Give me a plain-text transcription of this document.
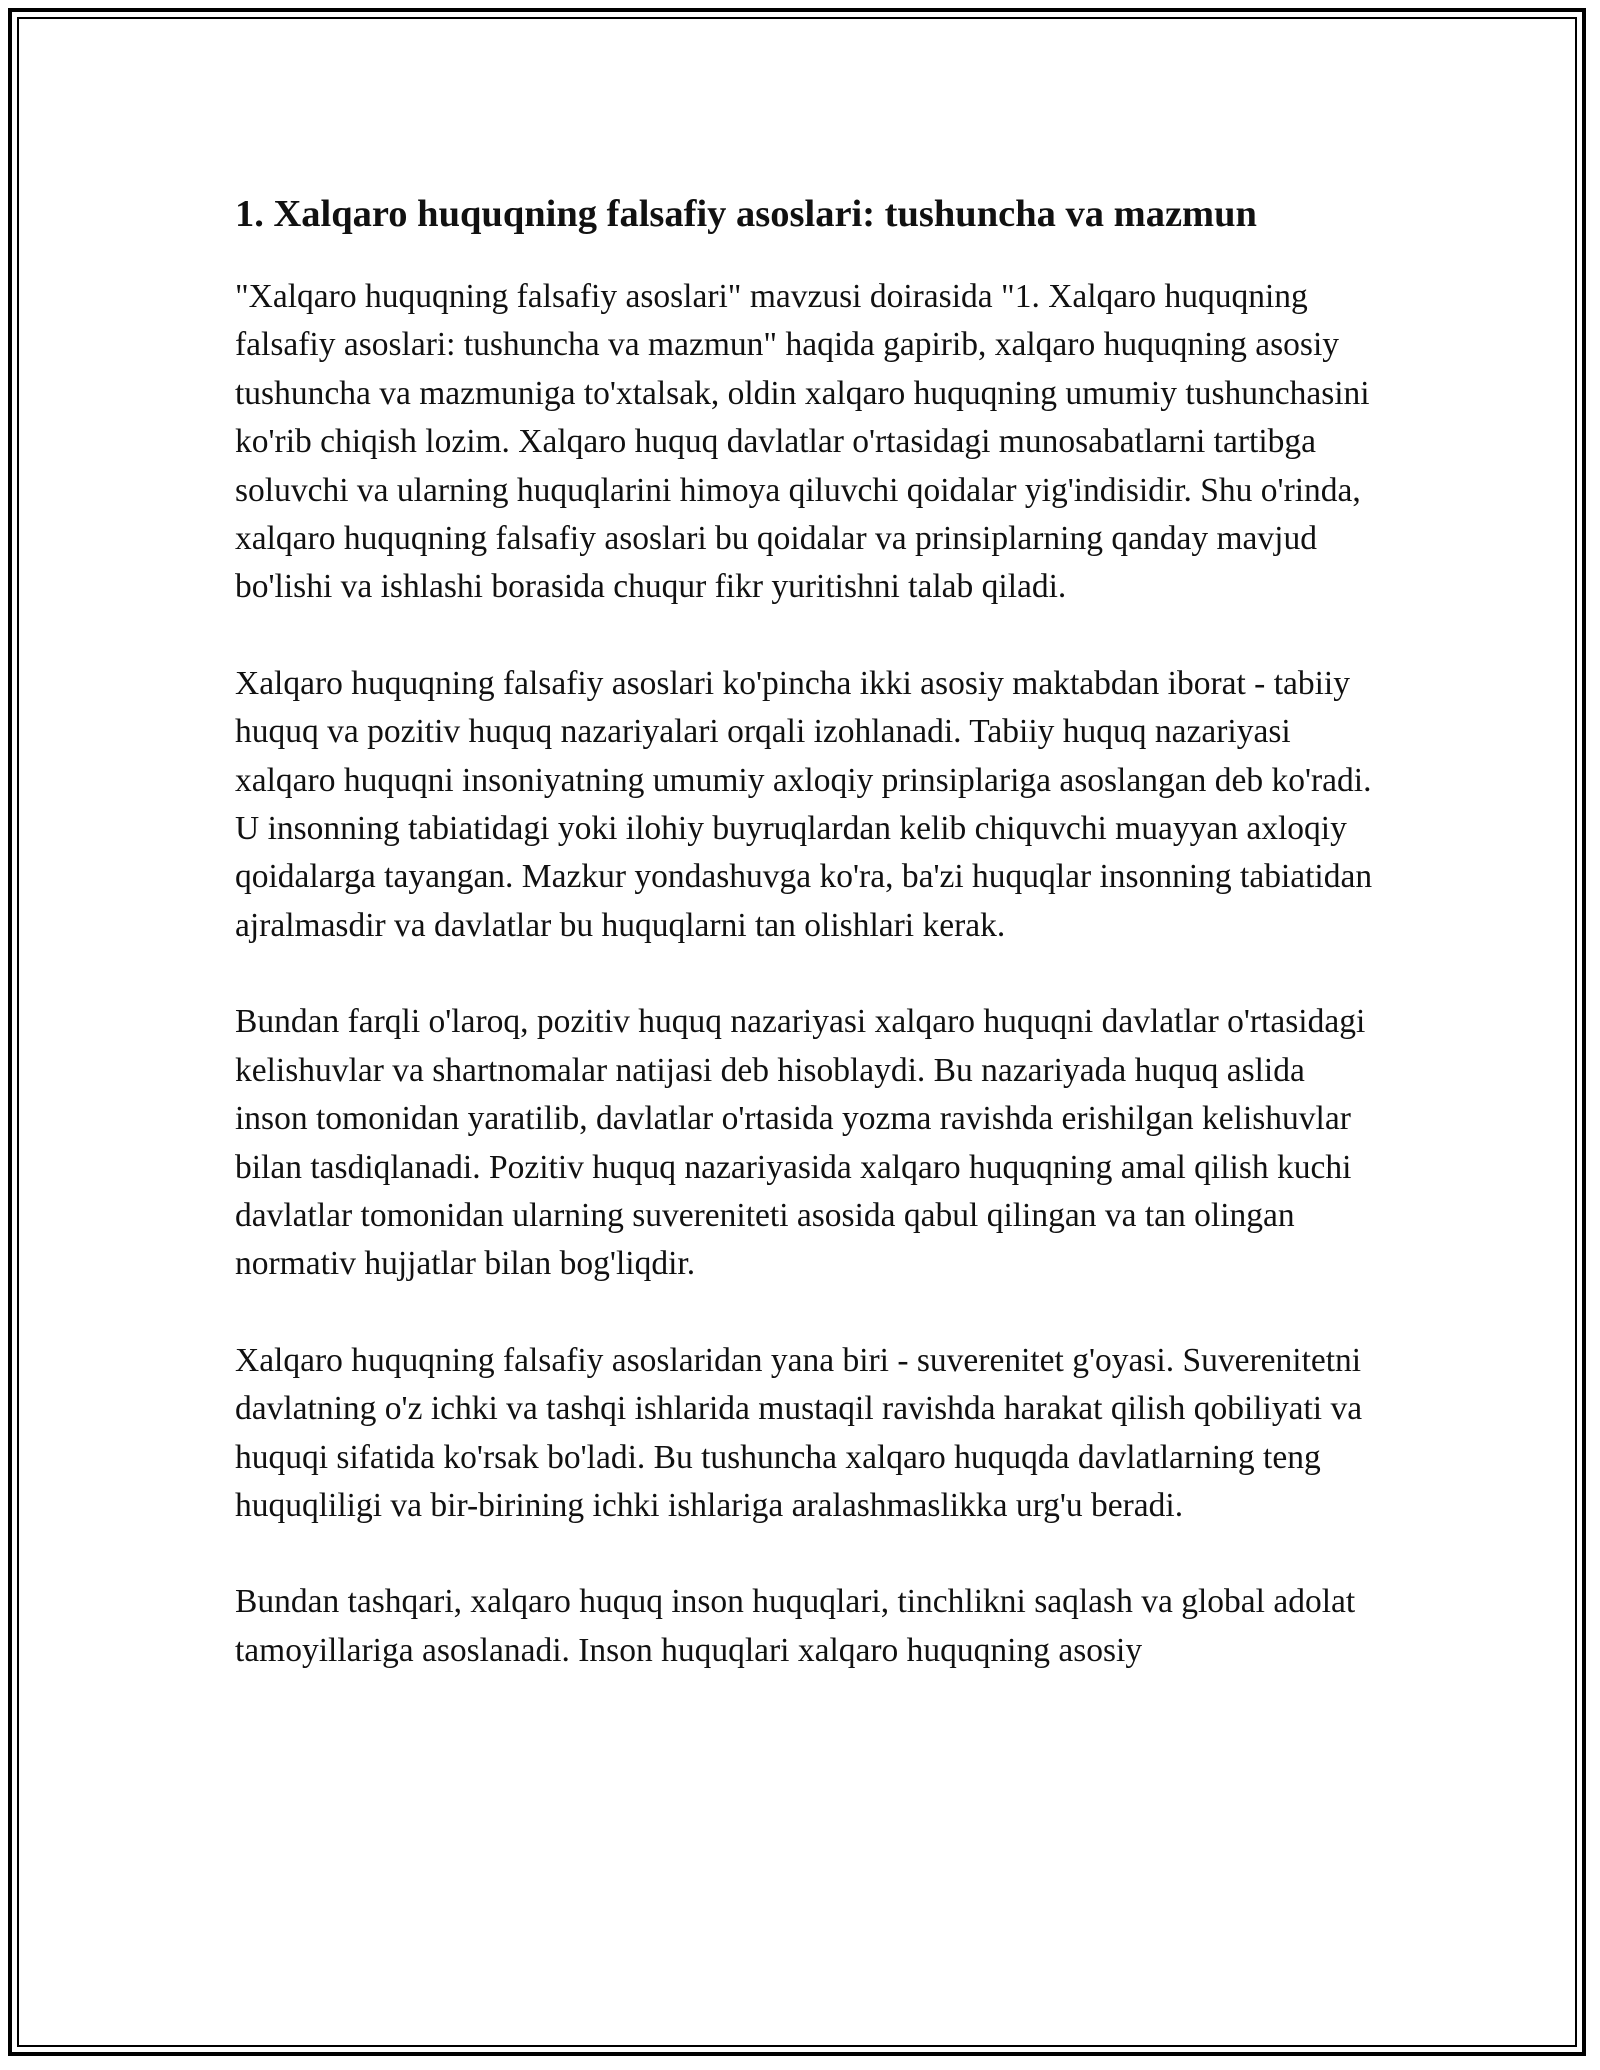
1. Xalqaro huquqning falsafiy asoslari: tushuncha va mazmun

"Xalqaro huquqning falsafiy asoslari" mavzusi doirasida "1. Xalqaro huquqning falsafiy asoslari: tushuncha va mazmun" haqida gapirib, xalqaro huquqning asosiy tushuncha va mazmuniga to'xtalsak, oldin xalqaro huquqning umumiy tushunchasini ko'rib chiqish lozim. Xalqaro huquq davlatlar o'rtasidagi munosabatlarni tartibga soluvchi va ularning huquqlarini himoya qiluvchi qoidalar yig'indisidir. Shu o'rinda, xalqaro huquqning falsafiy asoslari bu qoidalar va prinsiplarning qanday mavjud bo'lishi va ishlashi borasida chuqur fikr yuritishni talab qiladi.

Xalqaro huquqning falsafiy asoslari ko'pincha ikki asosiy maktabdan iborat - tabiiy huquq va pozitiv huquq nazariyalari orqali izohlanadi. Tabiiy huquq nazariyasi xalqaro huquqni insoniyatning umumiy axloqiy prinsiplariga asoslangan deb ko'radi. U insonning tabiatidagi yoki ilohiy buyruqlardan kelib chiquvchi muayyan axloqiy qoidalarga tayangan. Mazkur yondashuvga ko'ra, ba'zi huquqlar insonning tabiatidan ajralmasdir va davlatlar bu huquqlarni tan olishlari kerak.

Bundan farqli o'laroq, pozitiv huquq nazariyasi xalqaro huquqni davlatlar o'rtasidagi kelishuvlar va shartnomalar natijasi deb hisoblaydi. Bu nazariyada huquq aslida inson tomonidan yaratilib, davlatlar o'rtasida yozma ravishda erishilgan kelishuvlar bilan tasdiqlanadi. Pozitiv huquq nazariyasida xalqaro huquqning amal qilish kuchi davlatlar tomonidan ularning suvereniteti asosida qabul qilingan va tan olingan normativ hujjatlar bilan bog'liqdir.

Xalqaro huquqning falsafiy asoslaridan yana biri - suverenitet g'oyasi. Suverenitetni davlatning o'z ichki va tashqi ishlarida mustaqil ravishda harakat qilish qobiliyati va huquqi sifatida ko'rsak bo'ladi. Bu tushuncha xalqaro huquqda davlatlarning teng huquqliligi va bir-birining ichki ishlariga aralashmaslikka urg'u beradi.

Bundan tashqari, xalqaro huquq inson huquqlari, tinchlikni saqlash va global adolat tamoyillariga asoslanadi. Inson huquqlari xalqaro huquqning asosiy
